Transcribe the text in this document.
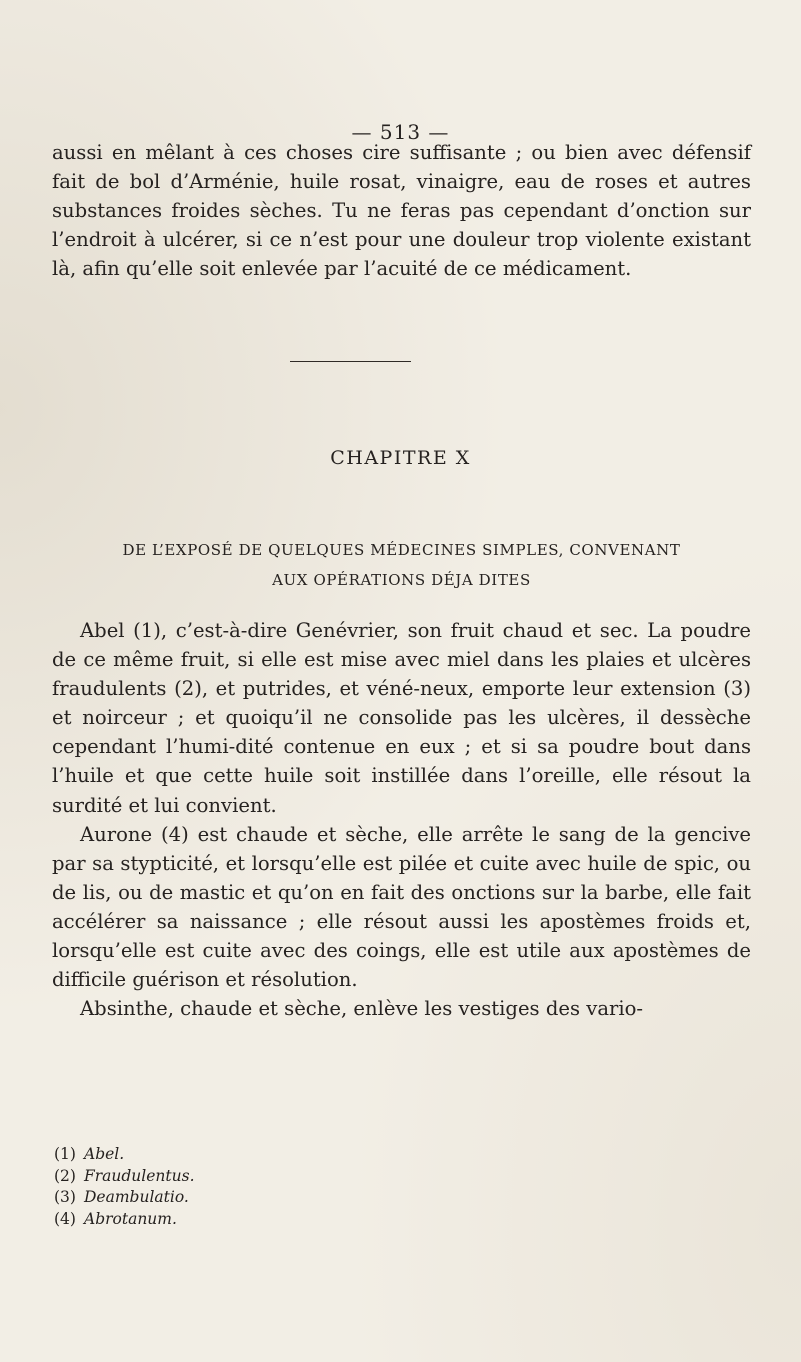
— 513 —

aussi en mêlant à ces choses cire suffisante ; ou bien avec défensif fait de bol d’Arménie, huile rosat, vinaigre, eau de roses et autres substances froides sèches. Tu ne feras pas cependant d’onction sur l’endroit à ulcérer, si ce n’est pour une douleur trop violente existant là, afin qu’elle soit enlevée par l’acuité de ce médicament.

CHAPITRE X
DE L’EXPOSÉ DE QUELQUES MÉDECINES SIMPLES, CONVENANT
AUX OPÉRATIONS DÉJA DITES

Abel (1), c’est-à-dire Genévrier, son fruit chaud et sec. La poudre de ce même fruit, si elle est mise avec miel dans les plaies et ulcères fraudulents (2), et putrides, et véné-neux, emporte leur extension (3) et noirceur ; et quoiqu’il ne consolide pas les ulcères, il dessèche cependant l’humi-dité contenue en eux ; et si sa poudre bout dans l’huile et que cette huile soit instillée dans l’oreille, elle résout la surdité et lui convient.

Aurone (4) est chaude et sèche, elle arrête le sang de la gencive par sa stypticité, et lorsqu’elle est pilée et cuite avec huile de spic, ou de lis, ou de mastic et qu’on en fait des onctions sur la barbe, elle fait accélérer sa naissance ; elle résout aussi les apostèmes froids et, lorsqu’elle est cuite avec des coings, elle est utile aux apostèmes de difficile guérison et résolution.

Absinthe, chaude et sèche, enlève les vestiges des vario-

(1) Abel.
(2) Fraudulentus.
(3) Deambulatio.
(4) Abrotanum.
